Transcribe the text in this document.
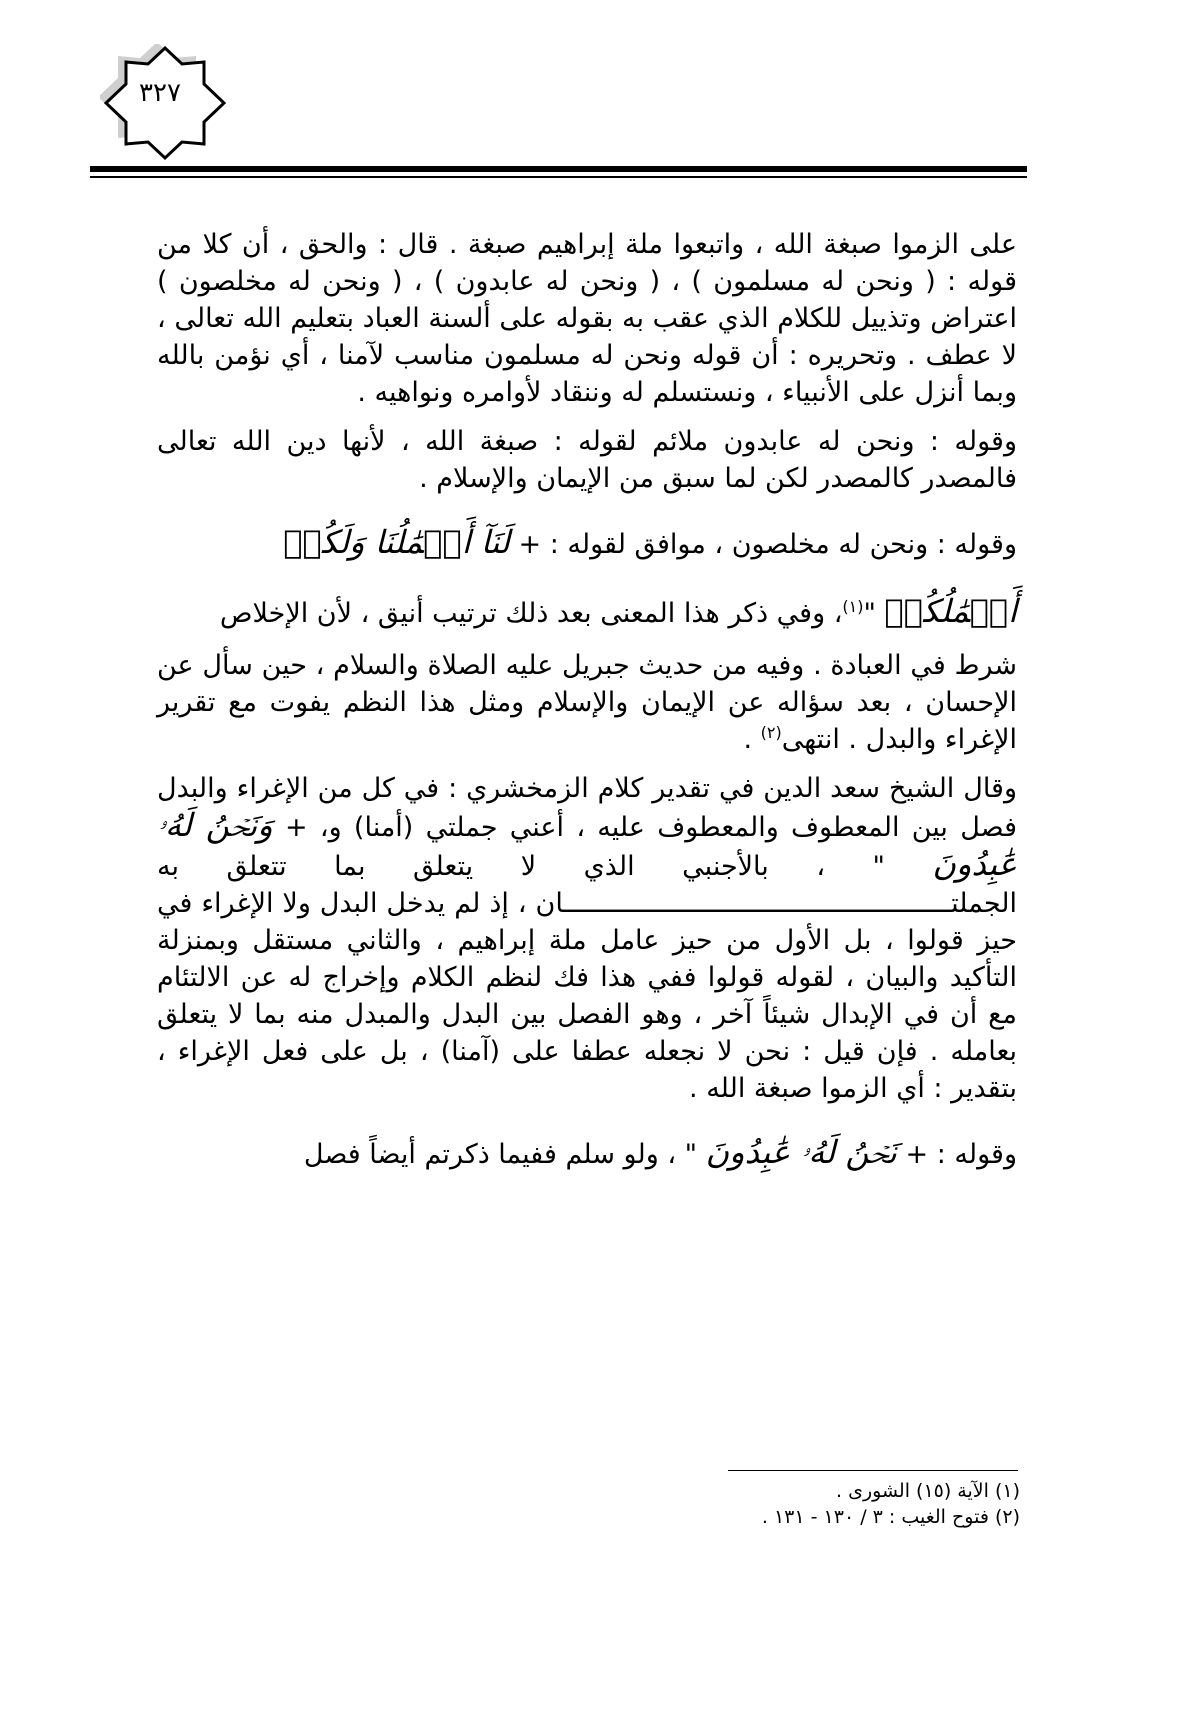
٣٢٧

على الزموا صبغة الله ، واتبعوا ملة إبراهيم صبغة . قال : والحق ، أن كلا من قوله : ( ونحن له مسلمون ) ، ( ونحن له عابدون ) ، ( ونحن له مخلصون ) اعتراض وتذييل للكلام الذي عقب به بقوله على ألسنة العباد بتعليم الله تعالى ، لا عطف . وتحريره : أن قوله ونحن له مسلمون مناسب لآمنا ، أي نؤمن بالله وبما أنزل على الأنبياء ، ونستسلم له وننقاد لأوامره ونواهيه .

وقوله : ونحن له عابدون ملائم لقوله : صبغة الله ، لأنها دين الله تعالى فالمصدر كالمصدر لكن لما سبق من الإيمان والإسلام .

وقوله : ونحن له مخلصون ، موافق لقوله : + لَنَآ أَعۡمَٰلُنَا وَلَكُمۡ

أَعۡمَٰلُكُمۡ "$^{(١)}$، وفي ذكر هذا المعنى بعد ذلك ترتيب أنيق ، لأن الإخلاص

شرط في العبادة . وفيه من حديث جبريل عليه الصلاة والسلام ، حين سأل عن الإحسان ، بعد سؤاله عن الإيمان والإسلام ومثل هذا النظم يفوت مع تقرير الإغراء والبدل . انتهى$^{(٢)}$ .

وقال الشيخ سعد الدين في تقدير كلام الزمخشري : في كل من الإغراء والبدل فصل بين المعطوف والمعطوف عليه ، أعني جملتي (أمنا) و، + وَنَحۡنُ لَهُۥ عَٰبِدُونَ " ، بالأجنبي الذي لا يتعلق بما تتعلق به الجملتـــــــــــــــــــــــــــــــــــــــــــــــــان ، إذ لم يدخل البدل ولا الإغراء في حيز قولوا ، بل الأول من حيز عامل ملة إبراهيم ، والثاني مستقل وبمنزلة التأكيد والبيان ، لقوله قولوا ففي هذا فك لنظم الكلام وإخراج له عن الالتئام مع أن في الإبدال شيئاً آخر ، وهو الفصل بين البدل والمبدل منه بما لا يتعلق بعامله . فإن قيل : نحن لا نجعله عطفا على (آمنا) ، بل على فعل الإغراء ، بتقدير : أي الزموا صبغة الله .

وقوله : + نَحۡنُ لَهُۥ عَٰبِدُونَ " ، ولو سلم ففيما ذكرتم أيضاً فصل

(١) الآية (١٥) الشورى .
(٢) فتوح الغيب : ٣ / ١٣٠ - ١٣١ .
